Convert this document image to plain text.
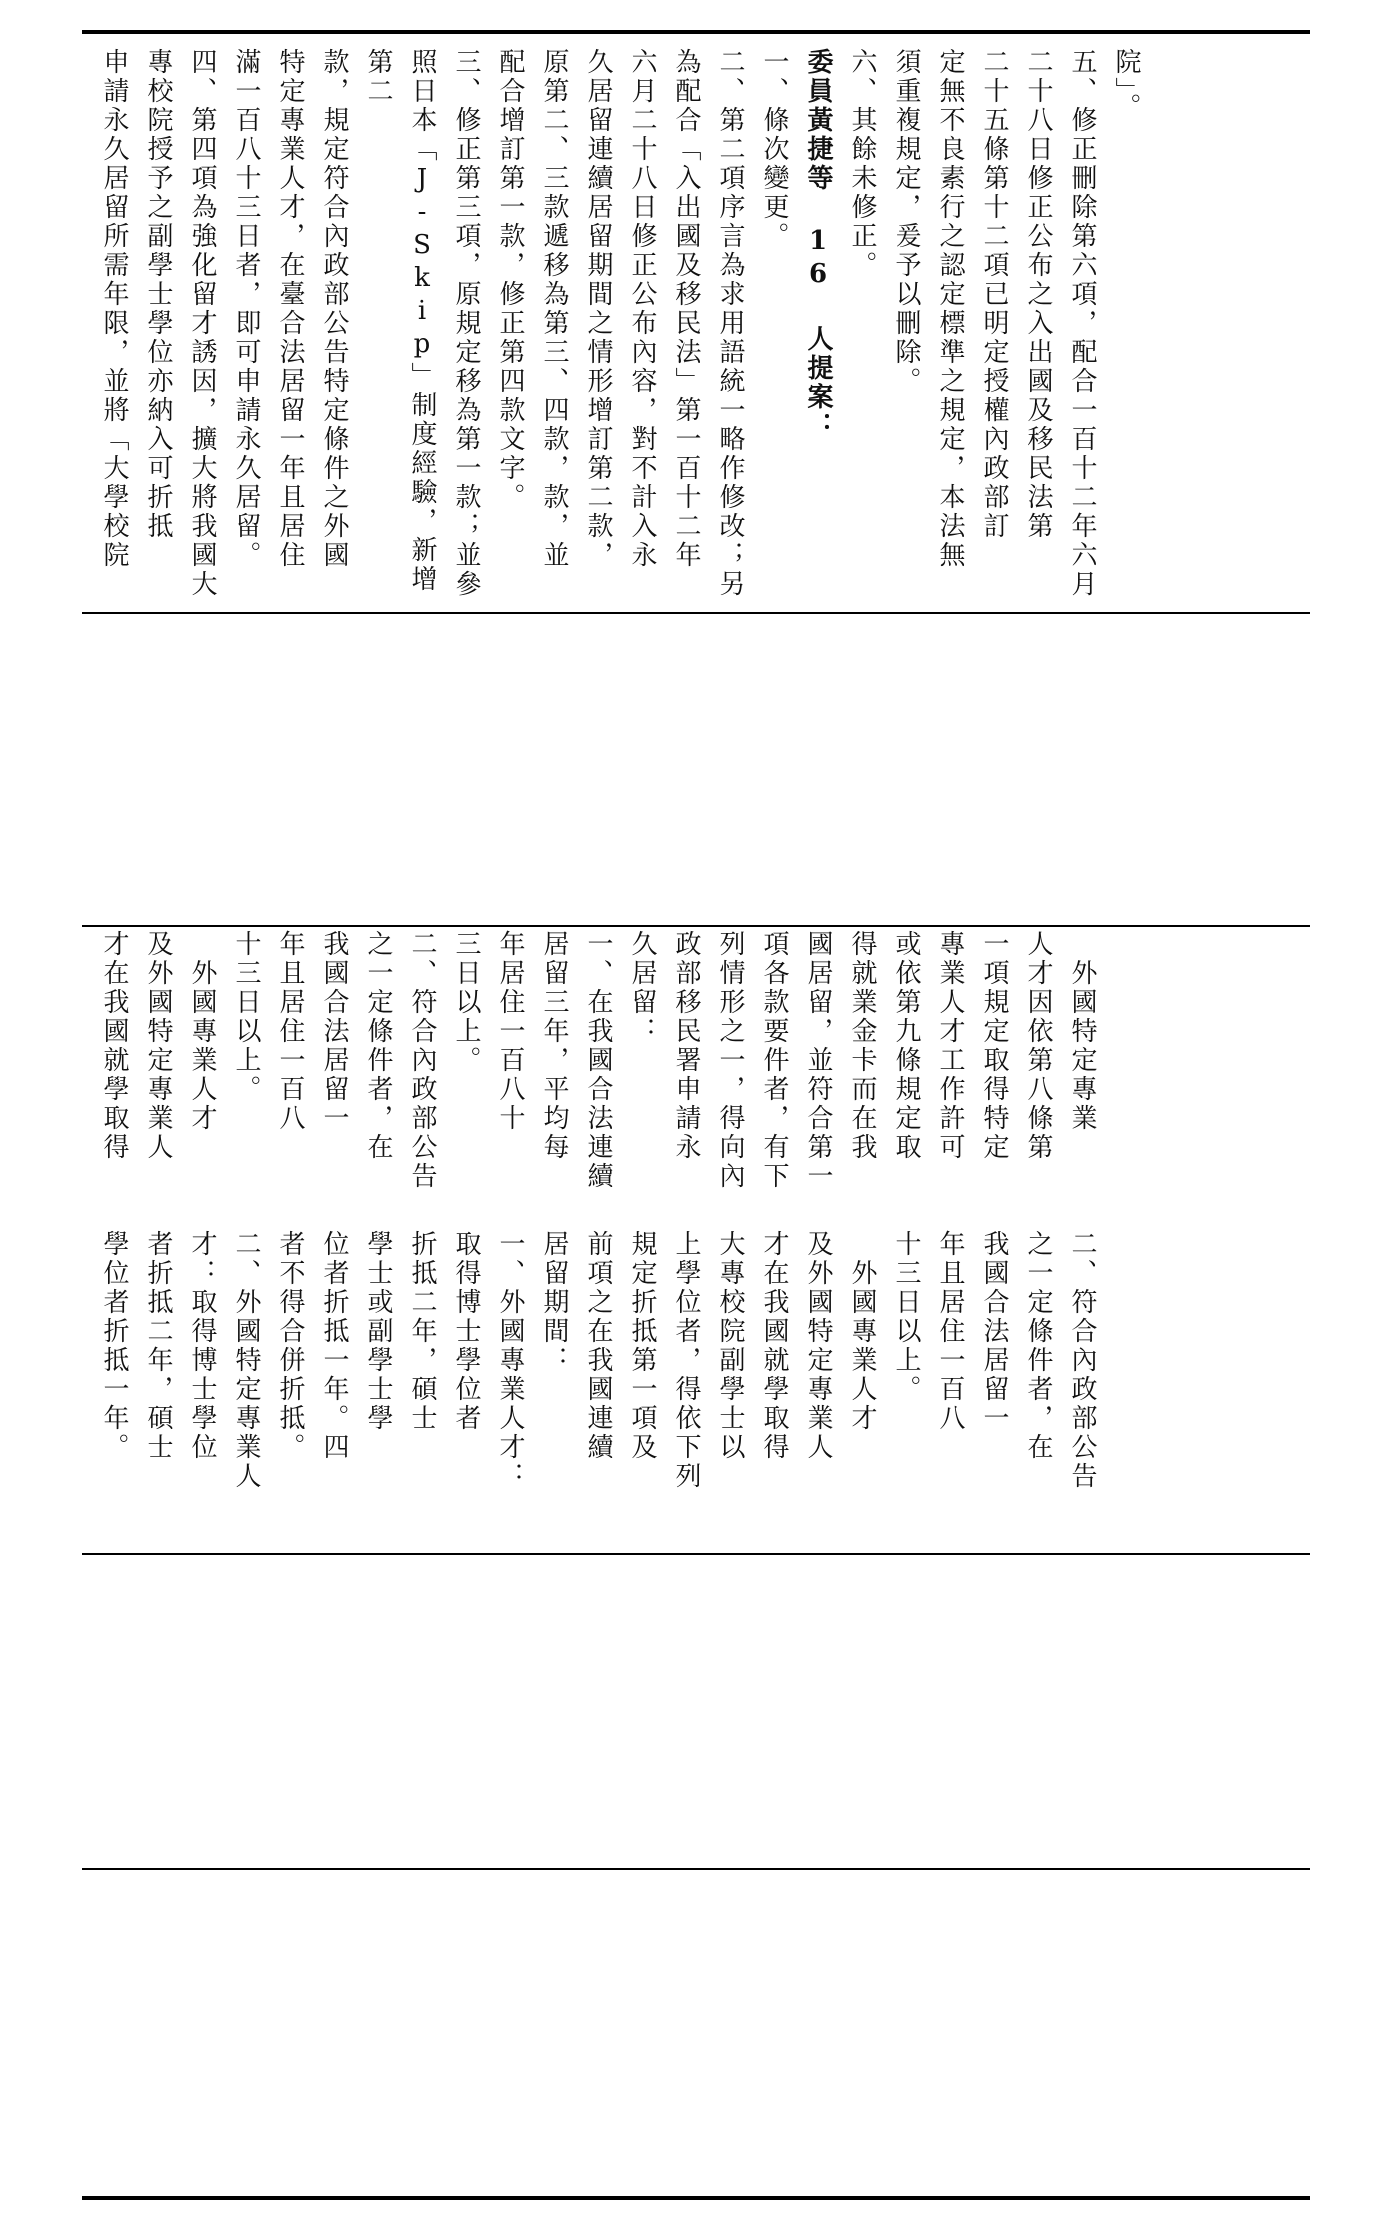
院」。

五、修正刪除第六項，配合一百十二年六月

二十八日修正公布之入出國及移民法第

二十五條第十二項已明定授權內政部訂

定無不良素行之認定標準之規定，本法無

須重複規定，爰予以刪除。

六、其餘未修正。

委員黃捷等 16 人提案：

一、條次變更。

二、第二項序言為求用語統一略作修改；另

為配合「入出國及移民法」第一百十二年

六月二十八日修正公布內容，對不計入永

久居留連續居留期間之情形增訂第二款，

原第二、三款遞移為第三、四款，款，並

配合增訂第一款，修正第四款文字。

三、修正第三項，原規定移為第一款；並參

照日本「J-Skip」制度經驗，新增第二

款，規定符合內政部公告特定條件之外國

特定專業人才，在臺合法居留一年且居住

滿一百八十三日者，即可申請永久居留。

四、第四項為強化留才誘因，擴大將我國大

專校院授予之副學士學位亦納入可折抵

申請永久居留所需年限，並將「大學校院

二、符合內政部公告

之一定條件者，在

我國合法居留一

年且居住一百八

十三日以上。

　外國專業人才

及外國特定專業人

才在我國就學取得

大專校院副學士以

上學位者，得依下列

規定折抵第一項及

前項之在我國連續

居留期間：

一、外國專業人才：

取得博士學位者

折抵二年，碩士

學士或副學士學

位者折抵一年。四

者不得合併折抵。

二、外國特定專業人

才：取得博士學位

者折抵二年，碩士

學位者折抵一年。

　外國特定專業

人才因依第八條第

一項規定取得特定

專業人才工作許可

或依第九條規定取

得就業金卡而在我

國居留，並符合第一

項各款要件者，有下

列情形之一，得向內

政部移民署申請永

久居留：

一、在我國合法連續

居留三年，平均每

年居住一百八十

三日以上。

二、符合內政部公告

之一定條件者，在

我國合法居留一

年且居住一百八

十三日以上。

　外國專業人才

及外國特定專業人

才在我國就學取得
